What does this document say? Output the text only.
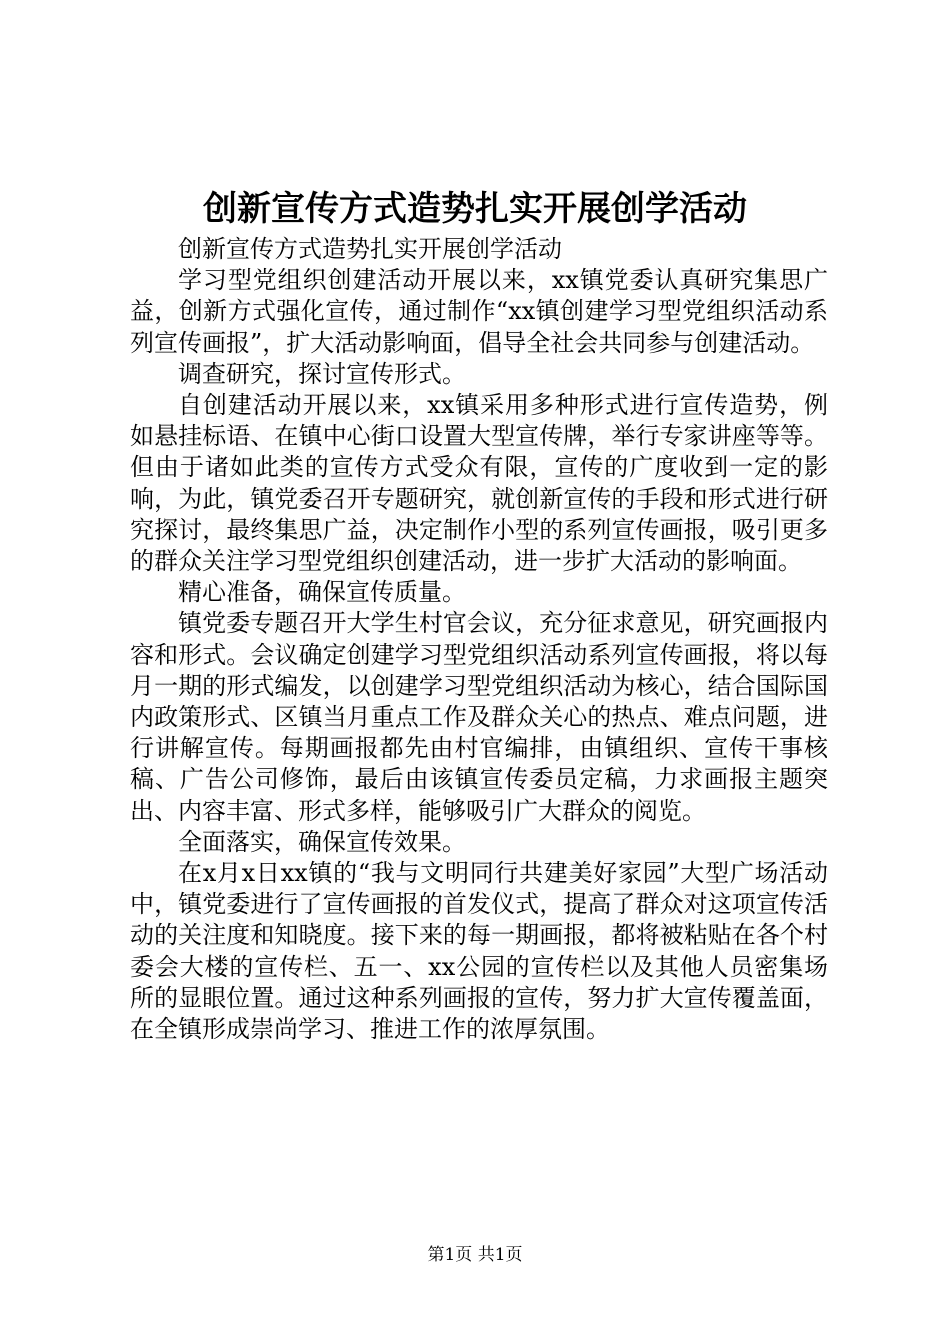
创新宣传方式造势扎实开展创学活动

创新宣传方式造势扎实开展创学活动

学习型党组织创建活动开展以来，xx镇党委认真研究集思广益，创新方式强化宣传，通过制作“xx镇创建学习型党组织活动系列宣传画报”，扩大活动影响面，倡导全社会共同参与创建活动。

调查研究，探讨宣传形式。

自创建活动开展以来，xx镇采用多种形式进行宣传造势，例如悬挂标语、在镇中心街口设置大型宣传牌，举行专家讲座等等。但由于诸如此类的宣传方式受众有限，宣传的广度收到一定的影响，为此，镇党委召开专题研究，就创新宣传的手段和形式进行研究探讨，最终集思广益，决定制作小型的系列宣传画报，吸引更多的群众关注学习型党组织创建活动，进一步扩大活动的影响面。

精心准备，确保宣传质量。

镇党委专题召开大学生村官会议，充分征求意见，研究画报内容和形式。会议确定创建学习型党组织活动系列宣传画报，将以每月一期的形式编发，以创建学习型党组织活动为核心，结合国际国内政策形式、区镇当月重点工作及群众关心的热点、难点问题，进行讲解宣传。每期画报都先由村官编排，由镇组织、宣传干事核稿、广告公司修饰，最后由该镇宣传委员定稿，力求画报主题突出、内容丰富、形式多样，能够吸引广大群众的阅览。

全面落实，确保宣传效果。

在x月x日xx镇的“我与文明同行共建美好家园”大型广场活动中，镇党委进行了宣传画报的首发仪式，提高了群众对这项宣传活动的关注度和知晓度。接下来的每一期画报，都将被粘贴在各个村委会大楼的宣传栏、五一、xx公园的宣传栏以及其他人员密集场所的显眼位置。通过这种系列画报的宣传，努力扩大宣传覆盖面，在全镇形成崇尚学习、推进工作的浓厚氛围。

第1页 共1页
